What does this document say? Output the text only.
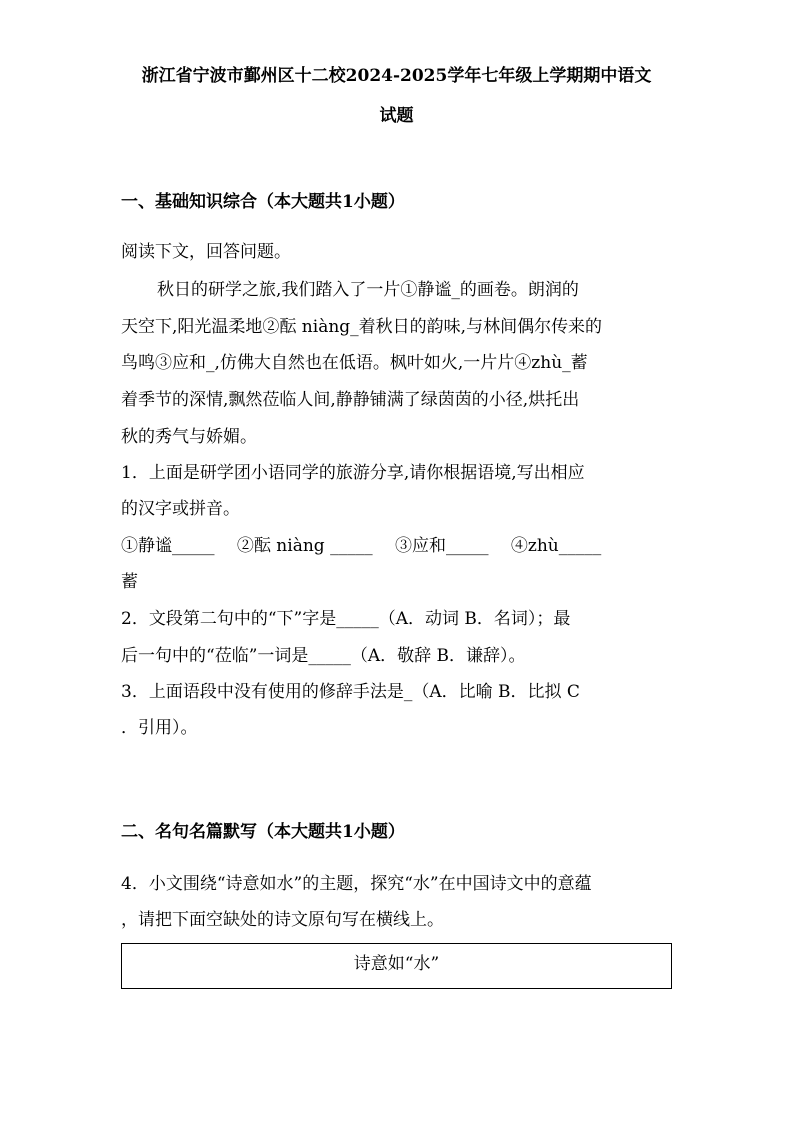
浙江省宁波市鄞州区十二校2024-2025学年七年级上学期期中语文
试题
一、基础知识综合（本大题共1小题）
阅读下文，回答问题。
秋日的研学之旅,我们踏入了一片①静谧_的画卷。朗润的
天空下,阳光温柔地②酝 niàng_着秋日的韵味,与林间偶尔传来的
鸟鸣③应和_,仿佛大自然也在低语。枫叶如火,一片片④zhù_蓄
着季节的深情,飘然莅临人间,静静铺满了绿茵茵的小径,烘托出
秋的秀气与娇媚。
1．上面是研学团小语同学的旅游分享,请你根据语境,写出相应
的汉字或拼音。
①静谧_____ 　②酝 niàng _____ 　③应和_____ 　④zhù_____
蓄
2．文段第二句中的“下”字是_____（A．动词 B．名词）；最
后一句中的“莅临”一词是_____（A．敬辞 B．谦辞）。
3．上面语段中没有使用的修辞手法是_（A．比喻 B．比拟 C
．引用）。
二、名句名篇默写（本大题共1小题）
4．小文围绕“诗意如水”的主题，探究“水”在中国诗文中的意蕴
，请把下面空缺处的诗文原句写在横线上。
诗意如“水”
